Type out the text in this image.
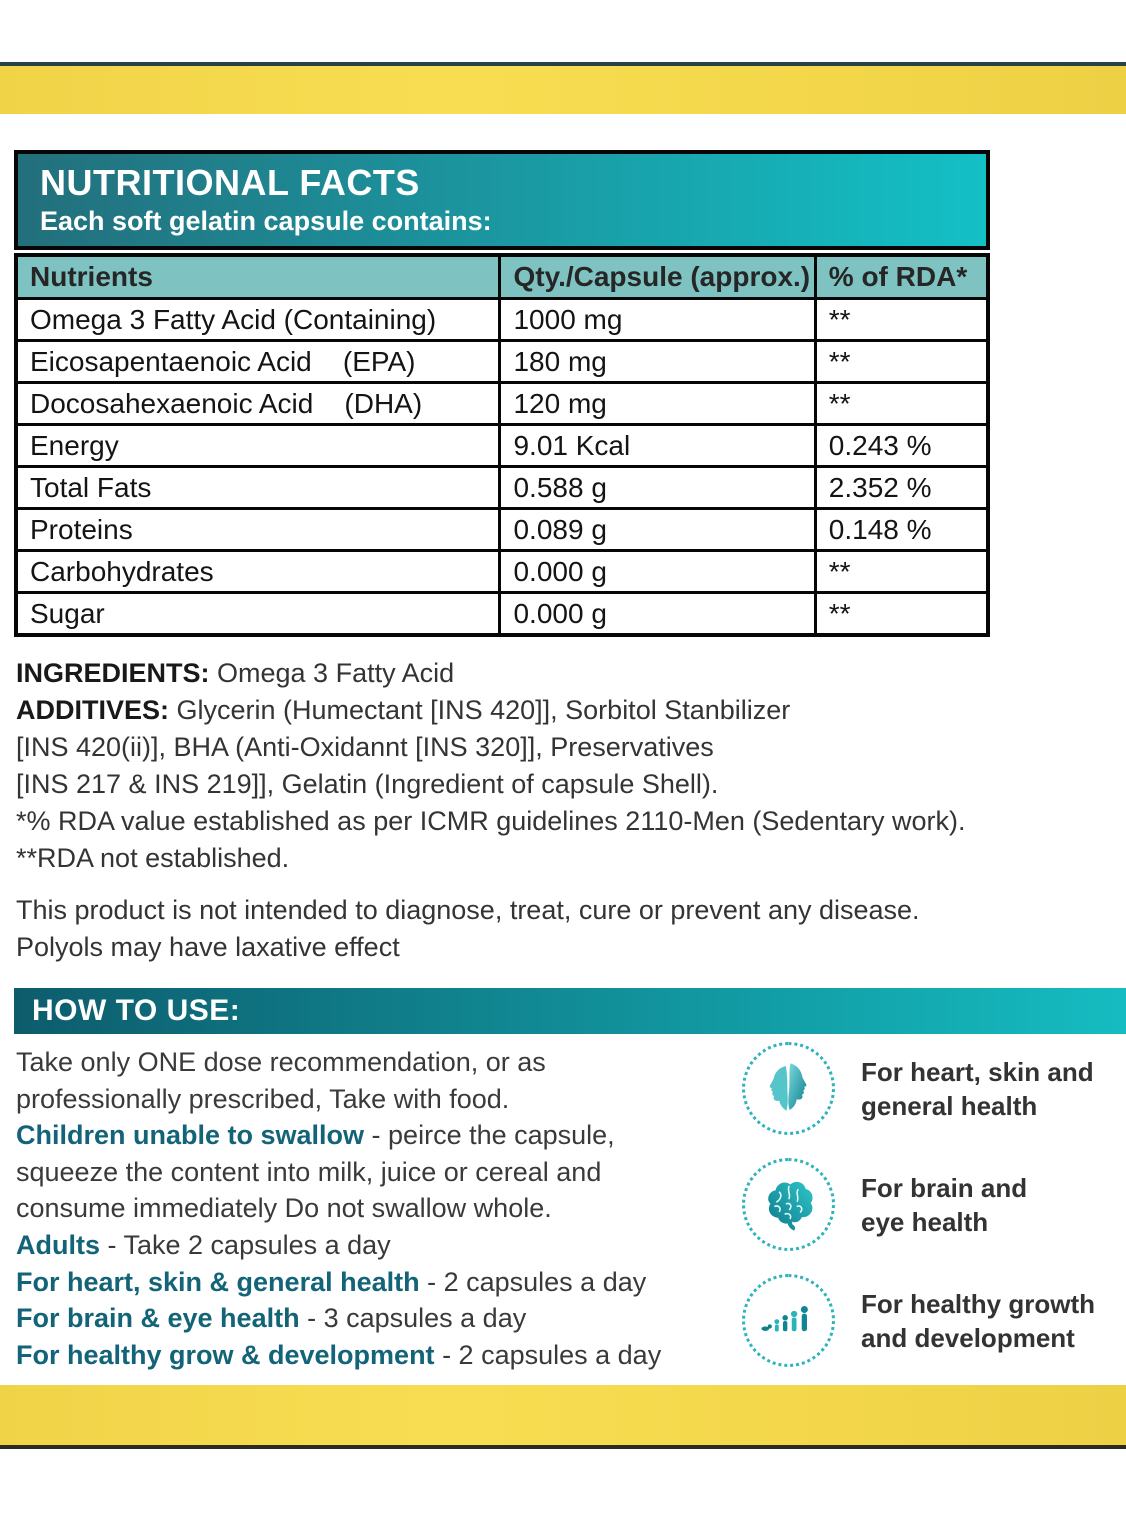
NUTRITIONAL FACTS
Each soft gelatin capsule contains:
Nutrients	Qty./Capsule (approx.)	% of RDA*
Omega 3 Fatty Acid (Containing)	1000 mg	**
Eicosapentaenoic Acid    (EPA)	180 mg	**
Docosahexaenoic Acid    (DHA)	120 mg	**
Energy	9.01 Kcal	0.243 %
Total Fats	0.588 g	2.352 %
Proteins	0.089 g	0.148 %
Carbohydrates	0.000 g	**
Sugar	0.000 g	**
INGREDIENTS: Omega 3 Fatty Acid
ADDITIVES: Glycerin (Humectant [INS 420]], Sorbitol Stanbilizer
[INS 420(ii)], BHA (Anti-Oxidannt [INS 320]], Preservatives
[INS 217 & INS 219]], Gelatin (Ingredient of capsule Shell).
*% RDA value established as per ICMR guidelines 2110-Men (Sedentary work).
**RDA not established.
This product is not intended to diagnose, treat, cure or prevent any disease.
Polyols may have laxative effect
HOW TO USE:
Take only ONE dose recommendation, or as
professionally prescribed, Take with food.
Children unable to swallow - peirce the capsule,
squeeze the content into milk, juice or cereal and
consume immediately Do not swallow whole.
Adults - Take 2 capsules a day
For heart, skin & general health - 2 capsules a day
For brain & eye health - 3 capsules a day
For healthy grow & development - 2 capsules a day
For heart, skin and
general health
For brain and
eye health
For healthy growth
and development
